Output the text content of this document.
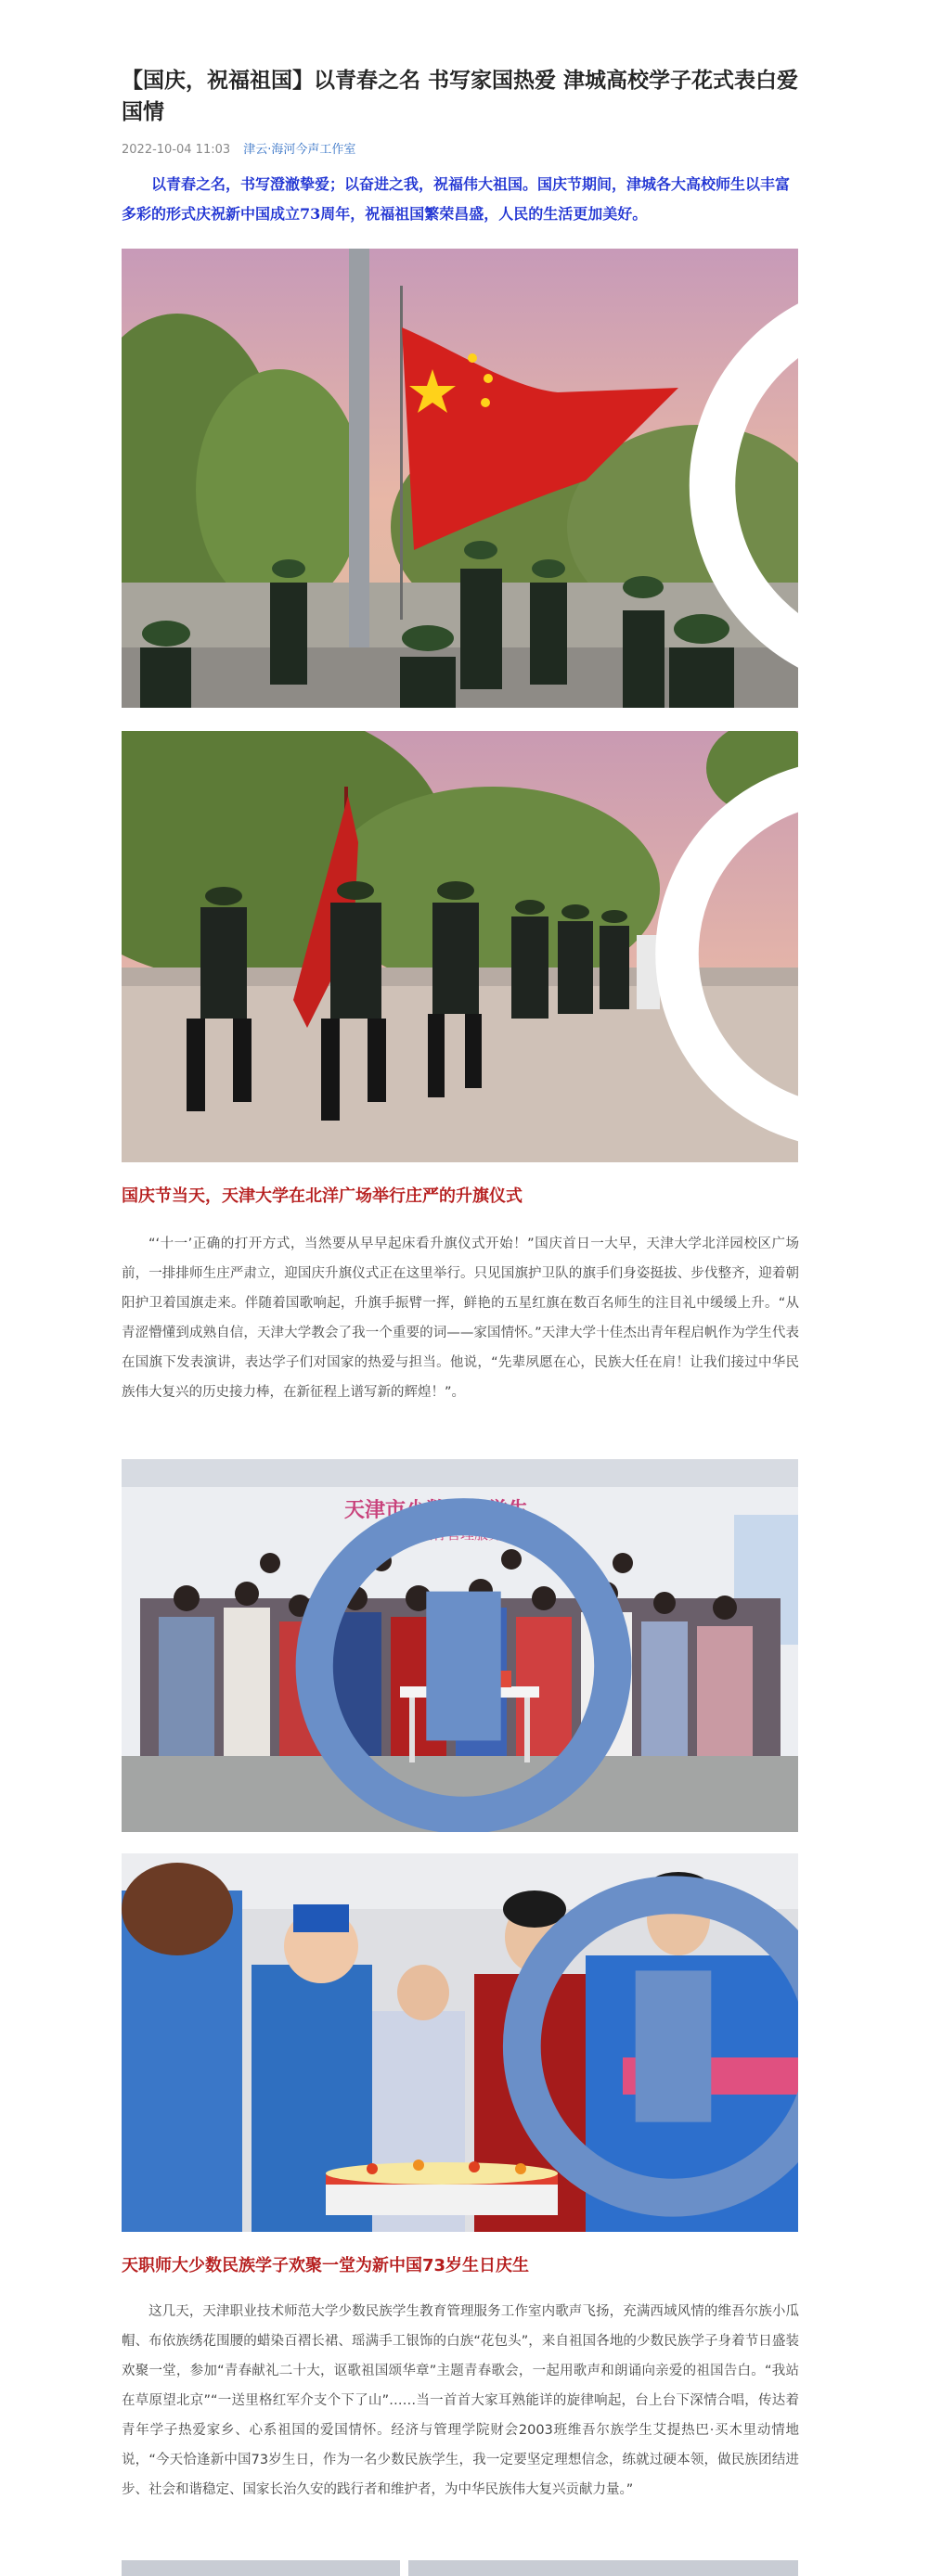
【国庆，祝福祖国】以青春之名 书写家国热爱 津城高校学子花式表白爱国情
2022-10-04 11:03 津云·海河今声工作室

以青春之名，书写澄澈挚爱；以奋进之我，祝福伟大祖国。国庆节期间，津城各大高校师生以丰富多彩的形式庆祝新中国成立73周年，祝福祖国繁荣昌盛，人民的生活更加美好。

国庆节当天，天津大学在北洋广场举行庄严的升旗仪式

“‘十一’正确的打开方式，当然要从早早起床看升旗仪式开始！”国庆首日一大早，天津大学北洋园校区广场前，一排排师生庄严肃立，迎国庆升旗仪式正在这里举行。只见国旗护卫队的旗手们身姿挺拔、步伐整齐，迎着朝阳护卫着国旗走来。伴随着国歌响起，升旗手振臂一挥，鲜艳的五星红旗在数百名师生的注目礼中缓缓上升。“从青涩懵懂到成熟自信，天津大学教会了我一个重要的词——家国情怀。”天津大学十佳杰出青年程启帆作为学生代表在国旗下发表演讲，表达学子们对国家的热爱与担当。他说，“先辈夙愿在心，民族大任在肩！让我们接过中华民族伟大复兴的历史接力棒，在新征程上谱写新的辉煌！”。

天津市少数民族学生
教育管理服务工作室

天职师大少数民族学子欢聚一堂为新中国73岁生日庆生

这几天，天津职业技术师范大学少数民族学生教育管理服务工作室内歌声飞扬，充满西域风情的维吾尔族小瓜帽、布依族绣花围腰的蜡染百褶长裙、瑶满手工银饰的白族“花包头”，来自祖国各地的少数民族学子身着节日盛装欢聚一堂，参加“青春献礼二十大，讴歌祖国颂华章”主题青春歌会，一起用歌声和朗诵向亲爱的祖国告白。“我站在草原望北京”“一送里格红军介支个下了山”……当一首首大家耳熟能详的旋律响起，台上台下深情合唱，传达着青年学子热爱家乡、心系祖国的爱国情怀。经济与管理学院财会2003班维吾尔族学生艾提热巴·买木里动情地说，“今天恰逢新中国73岁生日，作为一名少数民族学生，我一定要坚定理想信念，练就过硬本领，做民族团结进步、社会和谐稳定、国家长治久安的践行者和维护者，为中华民族伟大复兴贡献力量。”
